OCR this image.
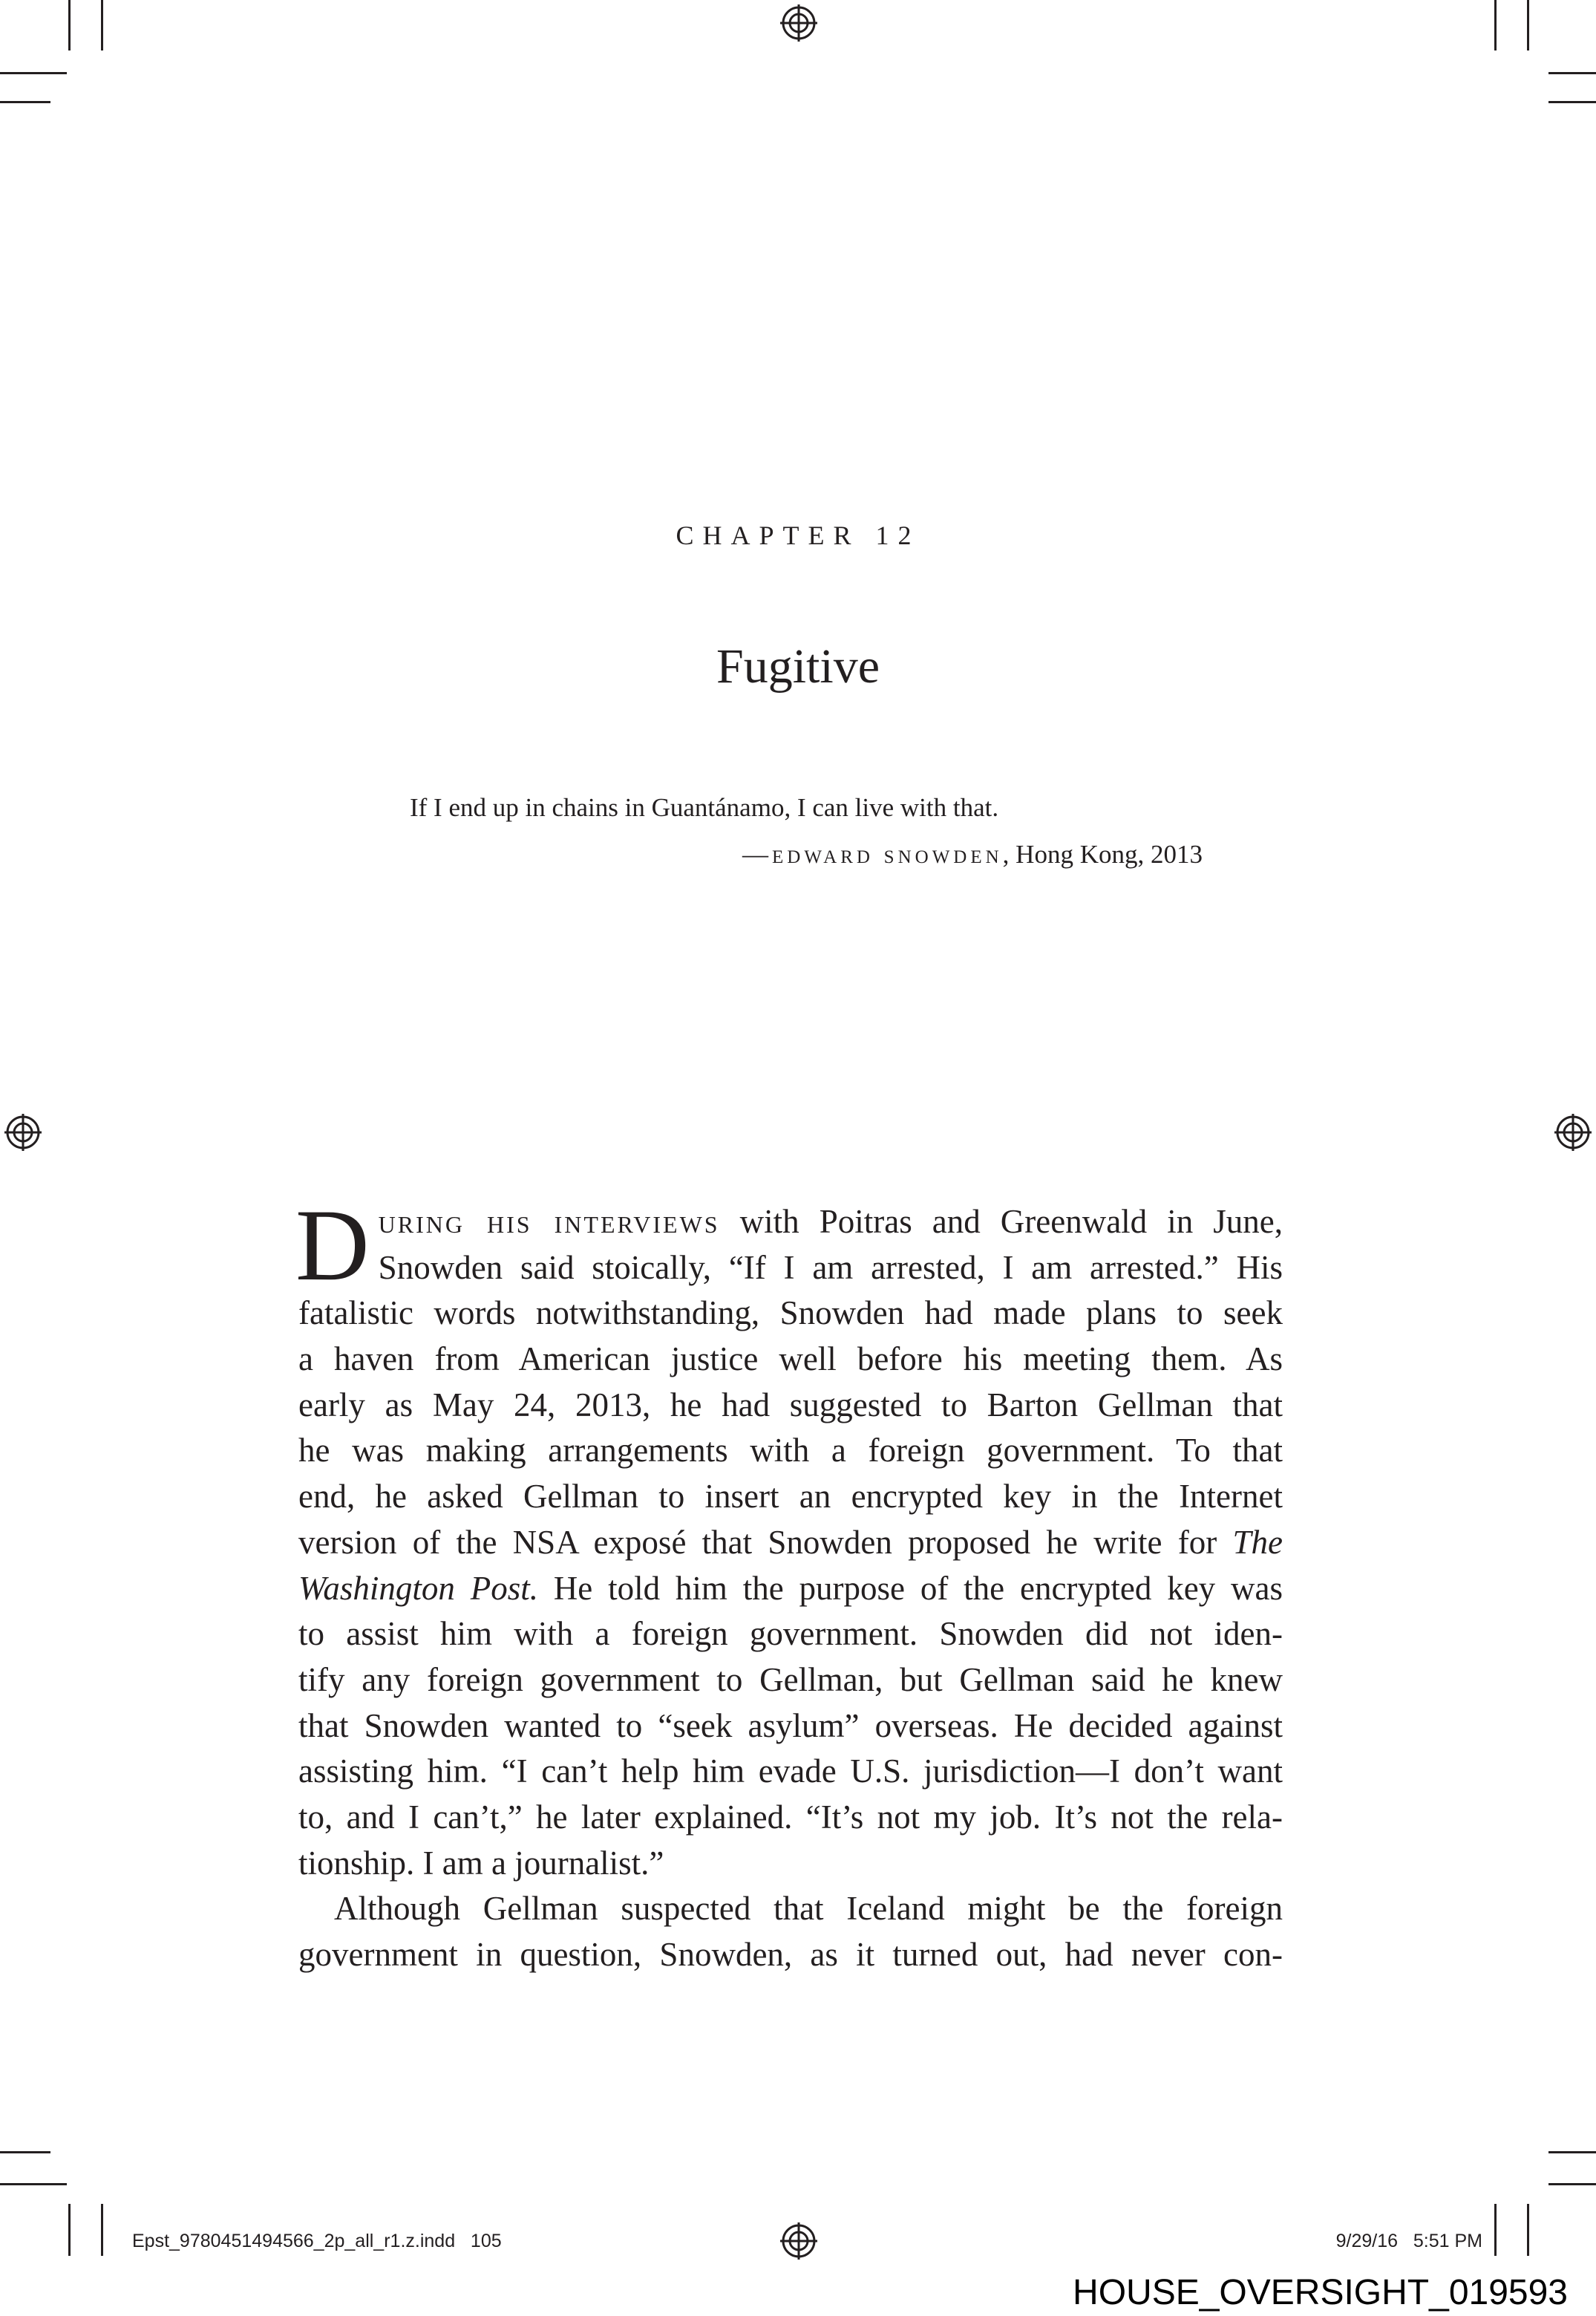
CHAPTER 12
Fugitive
If I end up in chains in Guantánamo, I can live with that.
—edward snowden, Hong Kong, 2013

D uring his interviews with Poitras and Greenwald in June,
Snowden said stoically, “If I am arrested, I am arrested.” His
fatalistic words notwithstanding, Snowden had made plans to seek
a haven from American justice well before his meeting them. As
early as May 24, 2013, he had suggested to Barton Gellman that
he was making arrangements with a foreign government. To that
end, he asked Gellman to insert an encrypted key in the Internet
version of the NSA exposé that Snowden proposed he write for The
Washington Post. He told him the purpose of the encrypted key was
to assist him with a foreign government. Snowden did not iden-
tify any foreign government to Gellman, but Gellman said he knew
that Snowden wanted to “seek asylum” overseas. He decided against
assisting him. “I can’t help him evade U.S. jurisdiction—I don’t want
to, and I can’t,” he later explained. “It’s not my job. It’s not the rela-
tionship. I am a journalist.”

Although Gellman suspected that Iceland might be the foreign
government in question, Snowden, as it turned out, had never con-

Epst_9780451494566_2p_all_r1.z.indd   105	9/29/16   5:51 PM
HOUSE_OVERSIGHT_019593
